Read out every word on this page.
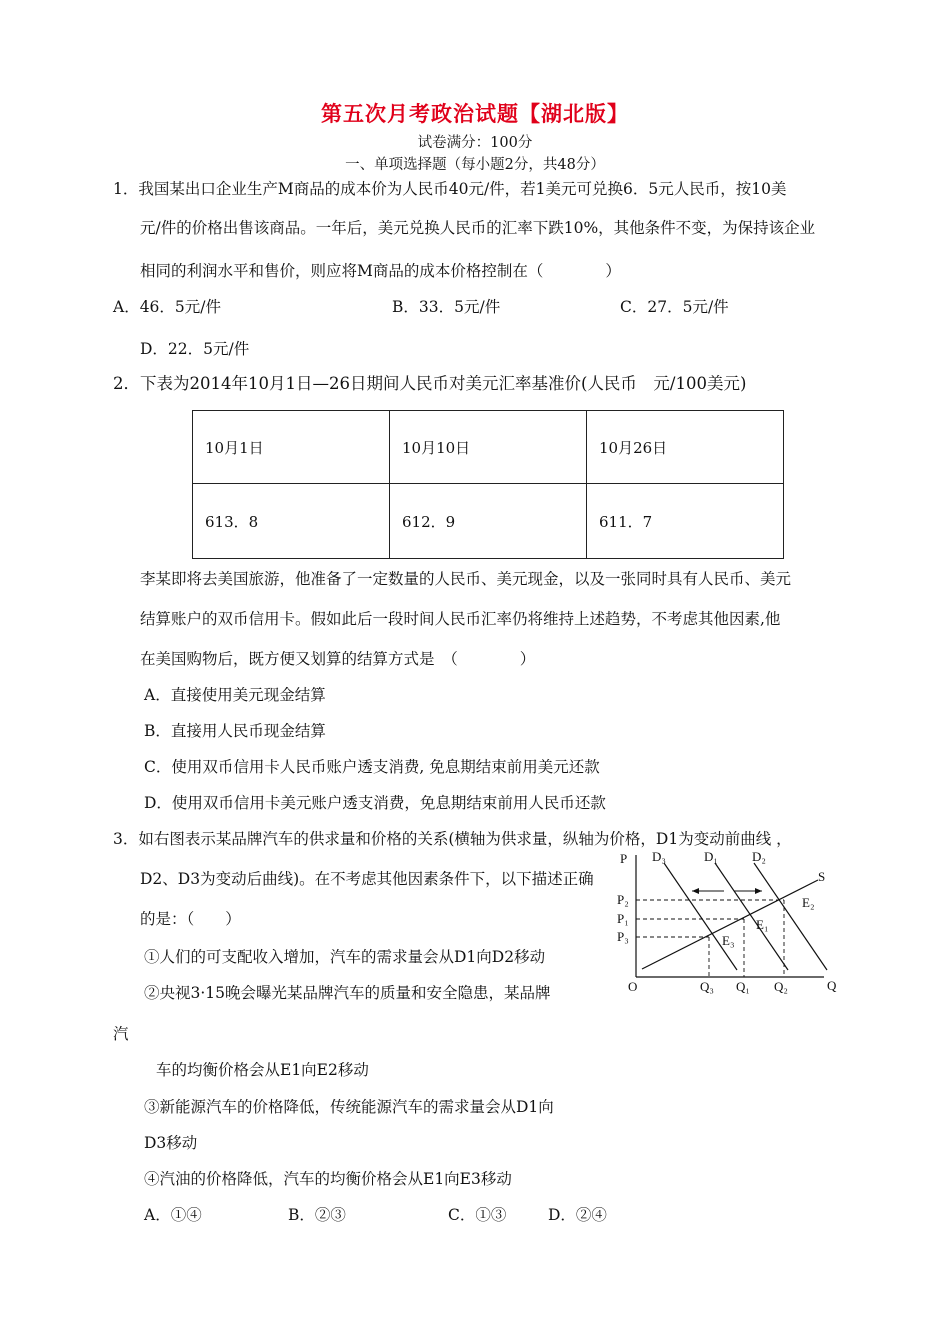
第五次月考政治试题【湖北版】
试卷满分：100分
一、单项选择题（每小题2分，共48分）
1．我国某出口企业生产M商品的成本价为人民币40元/件，若1美元可兑换6．5元人民币，按10美
元/件的价格出售该商品。一年后，美元兑换人民币的汇率下跌10%，其他条件不变，为保持该企业
相同的利润水平和售价，则应将M商品的成本价格控制在（　　　　）
A．46．5元/件	B．33．5元/件	C．27．5元/件
D．22．5元/件
2．下表为2014年10月1日—26日期间人民币对美元汇率基准价(人民币　元/100美元)
10月1日	10月10日	10月26日
613．8	612．9	611．7
李某即将去美国旅游，他准备了一定数量的人民币、美元现金，以及一张同时具有人民币、美元
结算账户的双币信用卡。假如此后一段时间人民币汇率仍将维持上述趋势，不考虑其他因素,他
在美国购物后，既方便又划算的结算方式是　（　　　　）
A．直接使用美元现金结算
B．直接用人民币现金结算
C．使用双币信用卡人民币账户透支消费, 免息期结束前用美元还款
D．使用双币信用卡美元账户透支消费，免息期结束前用人民币还款
3．如右图表示某品牌汽车的供求量和价格的关系(横轴为供求量，纵轴为价格，D1为变动前曲线 ，
D2、D3为变动后曲线)。在不考虑其他因素条件下，以下描述正确
的是：（　　）
①人们的可支配收入增加，汽车的需求量会从D1向D2移动
②央视3·15晚会曝光某品牌汽车的质量和安全隐患，某品牌
汽
车的均衡价格会从E1向E2移动
③新能源汽车的价格降低，传统能源汽车的需求量会从D1向
D3移动
④汽油的价格降低，汽车的均衡价格会从E1向E3移动
A．①④	B．②③	C．①③	D．②④
P
Q
O
D₃	D₁	D₂
S
P₂
P₁
P₃
E₂
E₁
E₃
Q₃ Q₁ Q₂
